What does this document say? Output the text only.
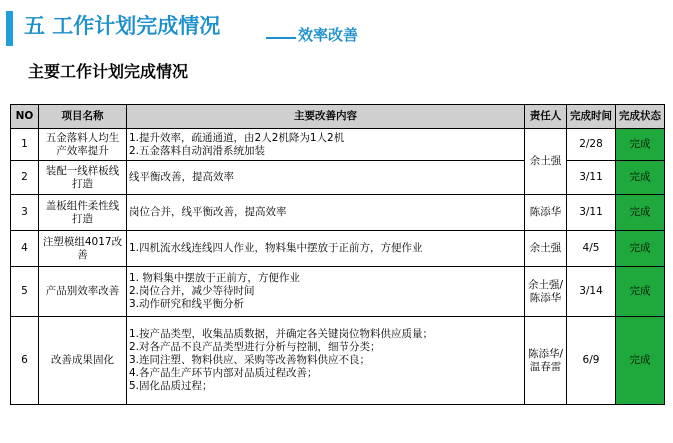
五 工作计划完成情况	效率改善
主要工作计划完成情况
NO	项目名称	主要改善内容	责任人	完成时间	完成状态
1	五金落料人均生产效率提升	1.提升效率，疏通通道，由2人2机降为1人2机
2.五金落料自动润滑系统加装	余土强	2/28	完成
2	装配一线样板线打造	线平衡改善，提高效率		3/11	完成
3	盖板组件柔性线打造	岗位合并，线平衡改善，提高效率	陈添华	3/11	完成
4	注塑模组4017改善	1.四机流水线连线四人作业，物料集中摆放于正前方，方便作业	余土强	4/5	完成
5	产品别效率改善	1. 物料集中摆放于正前方，方便作业
2.岗位合并，减少等待时间
3.动作研究和线平衡分析	余土强/陈添华	3/14	完成
6	改善成果固化	1.按产品类型，收集品质数据，并确定各关键岗位物料供应质量；
2.对各产品不良产品类型进行分析与控制，细节分类；
3.连同注塑、物料供应、采购等改善物料供应不良；
4.各产品生产环节内部对品质过程改善；
5.固化品质过程；	陈添华/温春雷	6/9	完成
